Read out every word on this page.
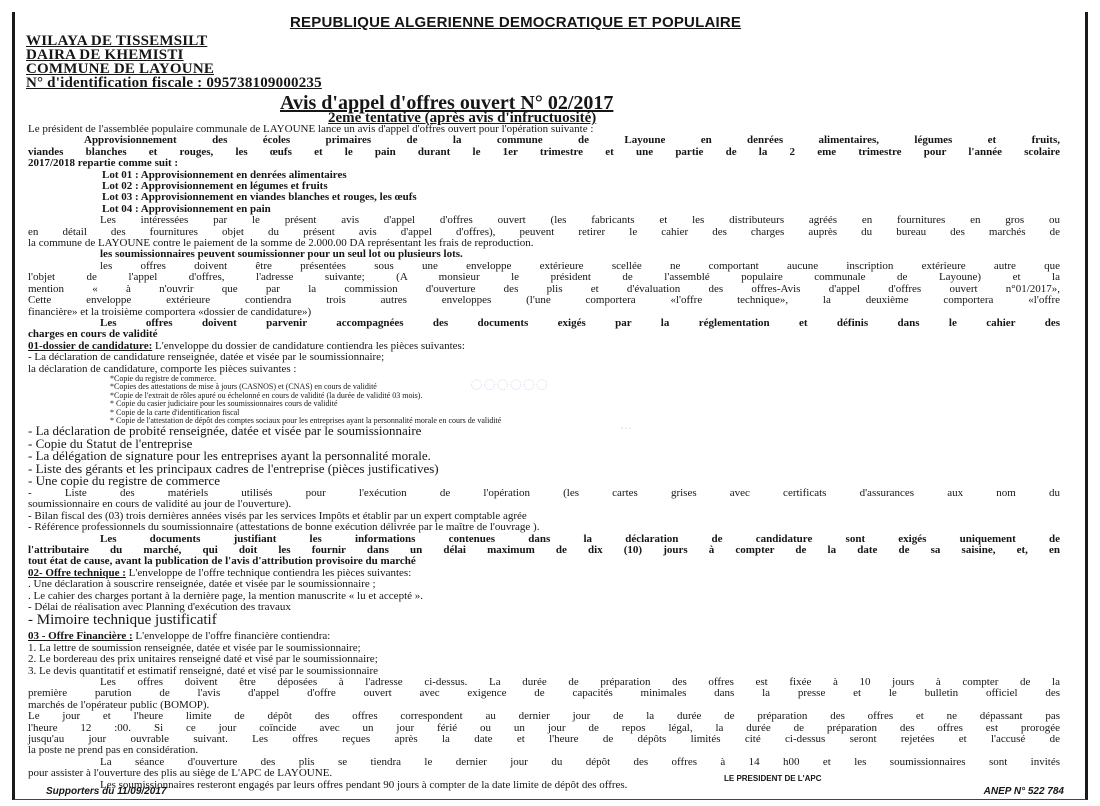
REPUBLIQUE ALGERIENNE DEMOCRATIQUE ET POPULAIRE
WILAYA DE TISSEMSILT
DAIRA DE KHEMISTI
COMMUNE DE LAYOUNE
N° d'identification fiscale : 09573810900023​5
Avis d'appel d'offres ouvert N° 02/2017
2eme tentative (après avis d'infructuosité)

Le président de l'assemblée populaire communale de LAYOUNE lance un avis d'appel d'offres ouvert pour l'opération suivante :

Approvisionnement des écoles primaires de la commune de Layoune en denrées alimentaires, légumes et fruits,

viandes blanches et rouges, les œufs et le pain durant le 1er trimestre et une partie de la 2 eme trimestre pour l'année scolaire

2017/2018 repartie comme suit :

Lot 01 : Approvisionnement en denrées alimentaires

Lot 02 : Approvisionnement en légumes et fruits

Lot 03 : Approvisionnement en viandes blanches et rouges, les œufs

Lot 04 : Approvisionnement en pain

Les intéressées par le présent avis d'appel d'offres ouvert (les fabricants et les distributeurs agréés en fournitures en gros ou

en détail des fournitures objet du présent avis d'appel d'offres), peuvent retirer le cahier des charges auprès du bureau des marchés de

la commune de LAYOUNE contre le paiement de la somme de 2.000.00 DA représentant les frais de reproduction.

les soumissionnaires peuvent soumissionner pour un seul lot ou plusieurs lots.

les offres doivent être présentées sous une enveloppe extérieure scellée ne comportant aucune inscription extérieure autre que

l'objet de l'appel d'offres, l'adresse suivante; (A monsieur le président de l'assemblé populaire communale de Layoune) et la

mention « à n'ouvrir que par la commission d'ouverture des plis et d'évaluation des offres-Avis d'appel d'offres ouvert n°01/2017»,

Cette enveloppe extérieure contiendra trois autres enveloppes (l'une comportera «l'offre technique», la deuxième comportera «l'offre

financière» et la troisième comportera «dossier de candidature»)

Les offres doivent parvenir accompagnées des documents exigés par la réglementation et définis dans le cahier des

charges en cours de validité

01-dossier de candidature: L'enveloppe du dossier de candidature contiendra les pièces suivantes:

- La déclaration de candidature renseignée, datée et visée par le soumissionnaire;

la déclaration de candidature, comporte les pièces suivantes :

*Copie du registre de commerce.

*Copies des attestations de mise à jours (CASNOS) et (CNAS) en cours de validité

*Copie de l'extrait de rôles apuré ou échelonné en cours de validité (la durée de validité 03 mois).

* Copie du casier judiciaire pour les soumissionnaires cours de validité

* Copie de la carte d'identification fiscal

* Copie de l'attestation de dépôt des comptes sociaux pour les entreprises ayant la personnalité morale en cours de validité

- La déclaration de probité renseignée, datée et visée par le soumissionnaire

- Copie du Statut de l'entreprise

- La délégation de signature pour les entreprises ayant la personnalité morale.

- Liste des gérants et les principaux cadres de l'entreprise (pièces justificatives)

- Une copie du registre de commerce

- Liste des matériels utilisés pour l'exécution de l'opération (les cartes grises avec certificats d'assurances aux nom du

soumissionnaire en cours de validité au jour de l'ouverture).

- Bilan fiscal des (03) trois dernières années visés par les services Impôts et établir par un expert comptable agrée

- Référence professionnels du soumissionnaire (attestations de bonne exécution délivrée par le maître de l'ouvrage ).

Les documents justifiant les informations contenues dans la déclaration de candidature sont exigés uniquement de

l'attributaire du marché, qui doit les fournir dans un délai maximum de dix (10) jours à compter de la date de sa saisine, et, en

tout état de cause, avant la publication de l'avis d'attribution provisoire du marché

02- Offre technique : L'enveloppe de l'offre technique contiendra les pièces suivantes:

. Une déclaration à souscrire renseignée, datée et visée par le soumissionnaire ;

. Le cahier des charges portant à la dernière page, la mention manuscrite « lu et accepté ».

- Délai de réalisation avec Planning d'exécution des travaux

- Mimoire technique justificatif

03 - Offre Financière : L'enveloppe de l'offre financière contiendra:

1. La lettre de soumission renseignée, datée et visée par le soumissionnaire;

2. Le bordereau des prix unitaires renseigné daté et visé par le soumissionnaire;

3. Le devis quantitatif et estimatif renseigné, daté et visé par le soumissionnaire

Les offres doivent être déposées à l'adresse ci-dessus. La durée de préparation des offres est fixée à 10 jours à compter de la

première parution de l'avis d'appel d'offre ouvert avec exigence de capacités minimales dans la presse et le bulletin officiel des

marchés de l'opérateur public (BOMOP).

Le jour et l'heure limite de dépôt des offres correspondent au dernier jour de la durée de préparation des offres et ne dépassant pas

l'heure 12 :00. Si ce jour coïncide avec un jour férié ou un jour de repos légal, la durée de préparation des offres est prorogée

jusqu'au jour ouvrable suivant. Les offres reçues après la date et l'heure de dépôts limités cité ci-dessus seront rejetées et l'accusé de

la poste ne prend pas en considération.

La séance d'ouverture des plis se tiendra le dernier jour du dépôt des offres à 14 h00 et les soumissionnaires sont invités

pour assister à l'ouverture des plis au siège de L'APC de LAYOUNE.

Les soumissionnaires resteront engagés par leurs offres pendant 90 jours à compter de la date limite de dépôt des offres.

◌◌◌◌◌◌
...
LE PRESIDENT DE L'APC
Supporters du 11/09/2017	ANEP N° 522 784
